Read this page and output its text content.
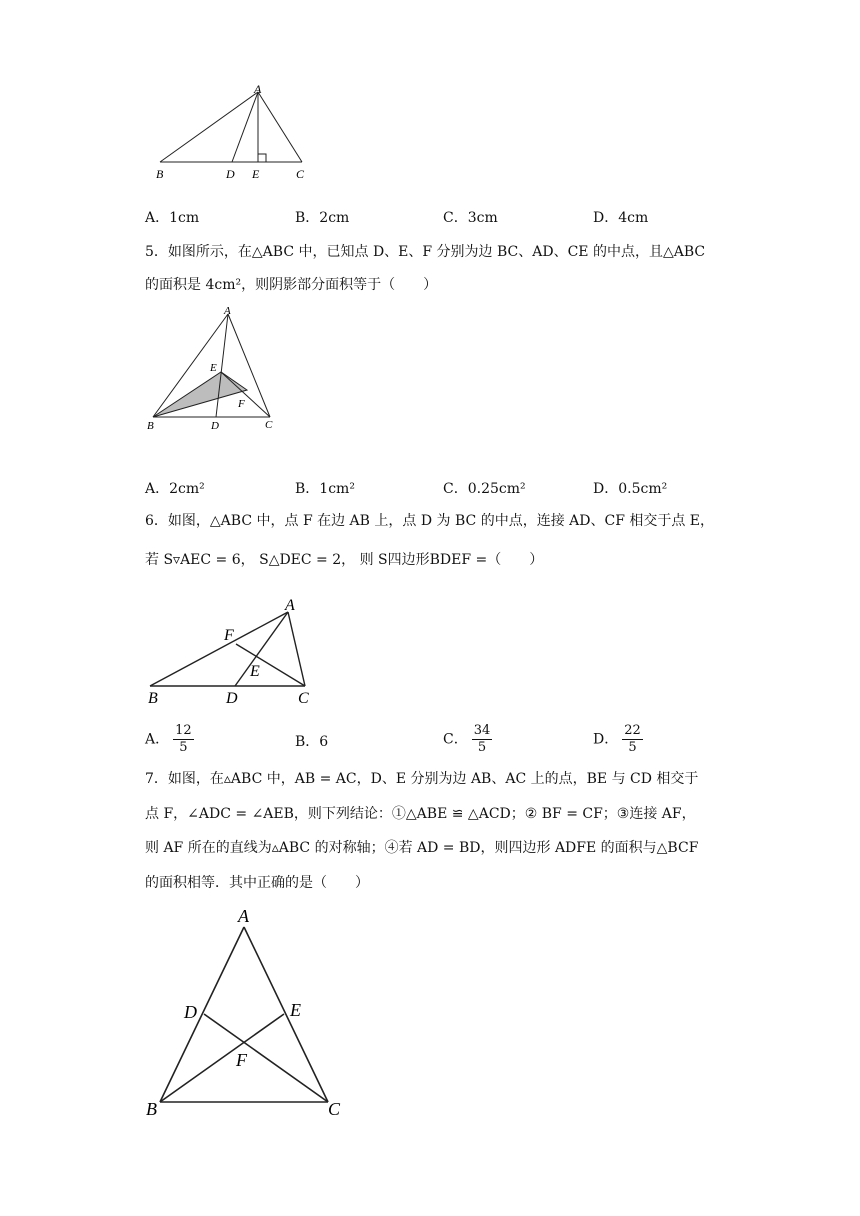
A
B	D E	C
A．1cm	B．2cm	C．3cm	D．4cm
5．如图所示，在△ABC 中，已知点 D、E、F 分别为边 BC、AD、CE 的中点，且△ABC
的面积是 4cm²，则阴影部分面积等于（　　）
A
E
F
B	D	C
A．2cm²	B．1cm²	C．0.25cm²	D．0.5cm²
6．如图，△ABC 中，点 F 在边 AB 上，点 D 为 BC 的中点，连接 AD、CF 相交于点 E，
若 S▿AEC = 6， S△DEC = 2， 则 S四边形BDEF =（　　）
A
F
E
B	D	C
A． $\frac{12}{5}$	B．6	C． $\frac{34}{5}$	D． $\frac{22}{5}$
7．如图，在▵ABC 中，AB = AC，D、E 分别为边 AB、AC 上的点，BE 与 CD 相交于
点 F，∠ADC = ∠AEB，则下列结论：①△ABE ≌ △ACD；② BF = CF；③连接 AF，
则 AF 所在的直线为▵ABC 的对称轴；④若 AD = BD，则四边形 ADFE 的面积与△BCF
的面积相等．其中正确的是（　　）
A
D	E
F
B	C
